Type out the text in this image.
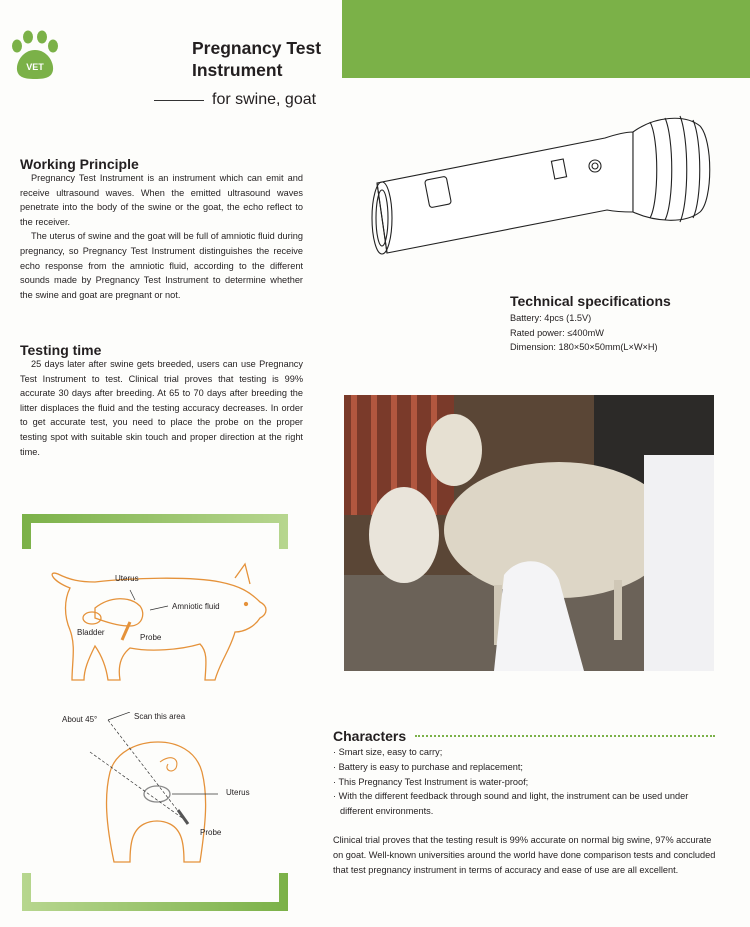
VET
Pregnancy Test
Instrument
for swine, goat
Working Principle

Pregnancy Test Instrument is an instrument which can emit and receive ultrasound waves. When the emitted ultrasound waves penetrate into the body of the swine or the goat, the echo reflect to the receiver.

The uterus of swine and the goat will be full of amniotic fluid during pregnancy, so Pregnancy Test Instrument distinguishes the receive echo response from the amniotic fluid, according to the different sounds made by Pregnancy Test Instrument to determine whether the swine and goat are pregnant or not.

Testing time

25 days later after swine gets breeded, users can use Pregnancy Test Instrument to test. Clinical trial proves that testing is 99% accurate 30 days after breeding. At 65 to 70 days after breeding the litter displaces the fluid and the testing accuracy decreases. In order to get accurate test, you need to place the probe on the proper testing spot with suitable skin touch and proper direction at the right time.

Technical specifications
Battery: 4pcs (1.5V)
Rated power: ≤400mW
Dimension: 180×50×50mm(L×W×H)
Uterus
Amniotic fluid
Bladder
Probe
About 45°	Scan this area
Uterus
Probe
Characters
· Smart size, easy to carry;
· Battery is easy to purchase and replacement;
· This Pregnancy Test Instrument is water-proof;
· With the different feedback through sound and light, the instrument can be used under different environments.
Clinical trial proves that the testing result is 99% accurate on normal big swine, 97% accurate on goat. Well-known universities around the world have done comparison tests and concluded that test pregnancy instrument in terms of accuracy and ease of use are all excellent.
